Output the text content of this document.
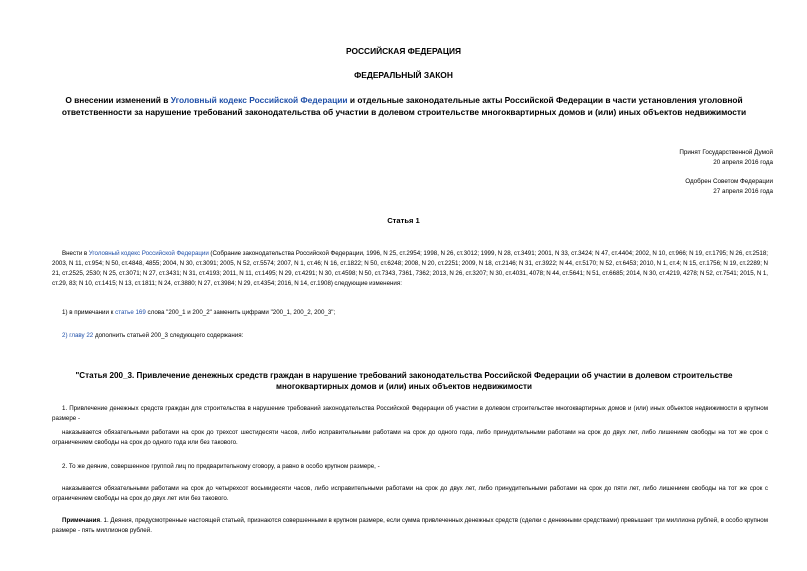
РОССИЙСКАЯ ФЕДЕРАЦИЯ
ФЕДЕРАЛЬНЫЙ ЗАКОН
О внесении изменений в Уголовный кодекс Российской Федерации и отдельные законодательные акты Российской Федерации в части установления уголовной ответственности за нарушение требований законодательства об участии в долевом строительстве многоквартирных домов и (или) иных объектов недвижимости
Принят Государственной Думой
20 апреля 2016 года
Одобрен Советом Федерации
27 апреля 2016 года
Статья 1
Внести в Уголовный кодекс Российской Федерации (Собрание законодательства Российской Федерации, 1996, N 25, ст.2954; 1998, N 26, ст.3012; 1999, N 28, ст.3491; 2001, N 33, ст.3424; N 47, ст.4404; 2002, N 10, ст.966; N 19, ст.1795; N 26, ст.2518; 2003, N 11, ст.954; N 50, ст.4848, 4855; 2004, N 30, ст.3091; 2005, N 52, ст.5574; 2007, N 1, ст.46; N 16, ст.1822; N 50, ст.6248; 2008, N 20, ст.2251; 2009, N 18, ст.2146; N 31, ст.3922; N 44, ст.5170; N 52, ст.6453; 2010, N 1, ст.4; N 15, ст.1756; N 19, ст.2289; N 21, ст.2525, 2530; N 25, ст.3071; N 27, ст.3431; N 31, ст.4193; 2011, N 11, ст.1495; N 29, ст.4291; N 30, ст.4598; N 50, ст.7343, 7361, 7362; 2013, N 26, ст.3207; N 30, ст.4031, 4078; N 44, ст.5641; N 51, ст.6685; 2014, N 30, ст.4219, 4278; N 52, ст.7541; 2015, N 1, ст.29, 83; N 10, ст.1415; N 13, ст.1811; N 24, ст.3880; N 27, ст.3984; N 29, ст.4354; 2016, N 14, ст.1908) следующие изменения:
1) в примечании к статье 169 слова "200_1 и 200_2" заменить цифрами "200_1, 200_2, 200_3";
2) главу 22 дополнить статьей 200_3 следующего содержания:
"Статья 200_3. Привлечение денежных средств граждан в нарушение требований законодательства Российской Федерации об участии в долевом строительстве многоквартирных домов и (или) иных объектов недвижимости
1. Привлечение денежных средств граждан для строительства в нарушение требований законодательства Российской Федерации об участии в долевом строительстве многоквартирных домов и (или) иных объектов недвижимости в крупном размере -
наказывается обязательными работами на срок до трехсот шестидесяти часов, либо исправительными работами на срок до одного года, либо принудительными работами на срок до двух лет, либо лишением свободы на тот же срок с ограничением свободы на срок до одного года или без такового.
2. То же деяние, совершенное группой лиц по предварительному сговору, а равно в особо крупном размере, -
наказывается обязательными работами на срок до четырехсот восьмидесяти часов, либо исправительными работами на срок до двух лет, либо принудительными работами на срок до пяти лет, либо лишением свободы на тот же срок с ограничением свободы на срок до двух лет или без такового.
Примечания. 1. Деяния, предусмотренные настоящей статьей, признаются совершенными в крупном размере, если сумма привлеченных денежных средств (сделки с денежными средствами) превышает три миллиона рублей, в особо крупном размере - пять миллионов рублей.
